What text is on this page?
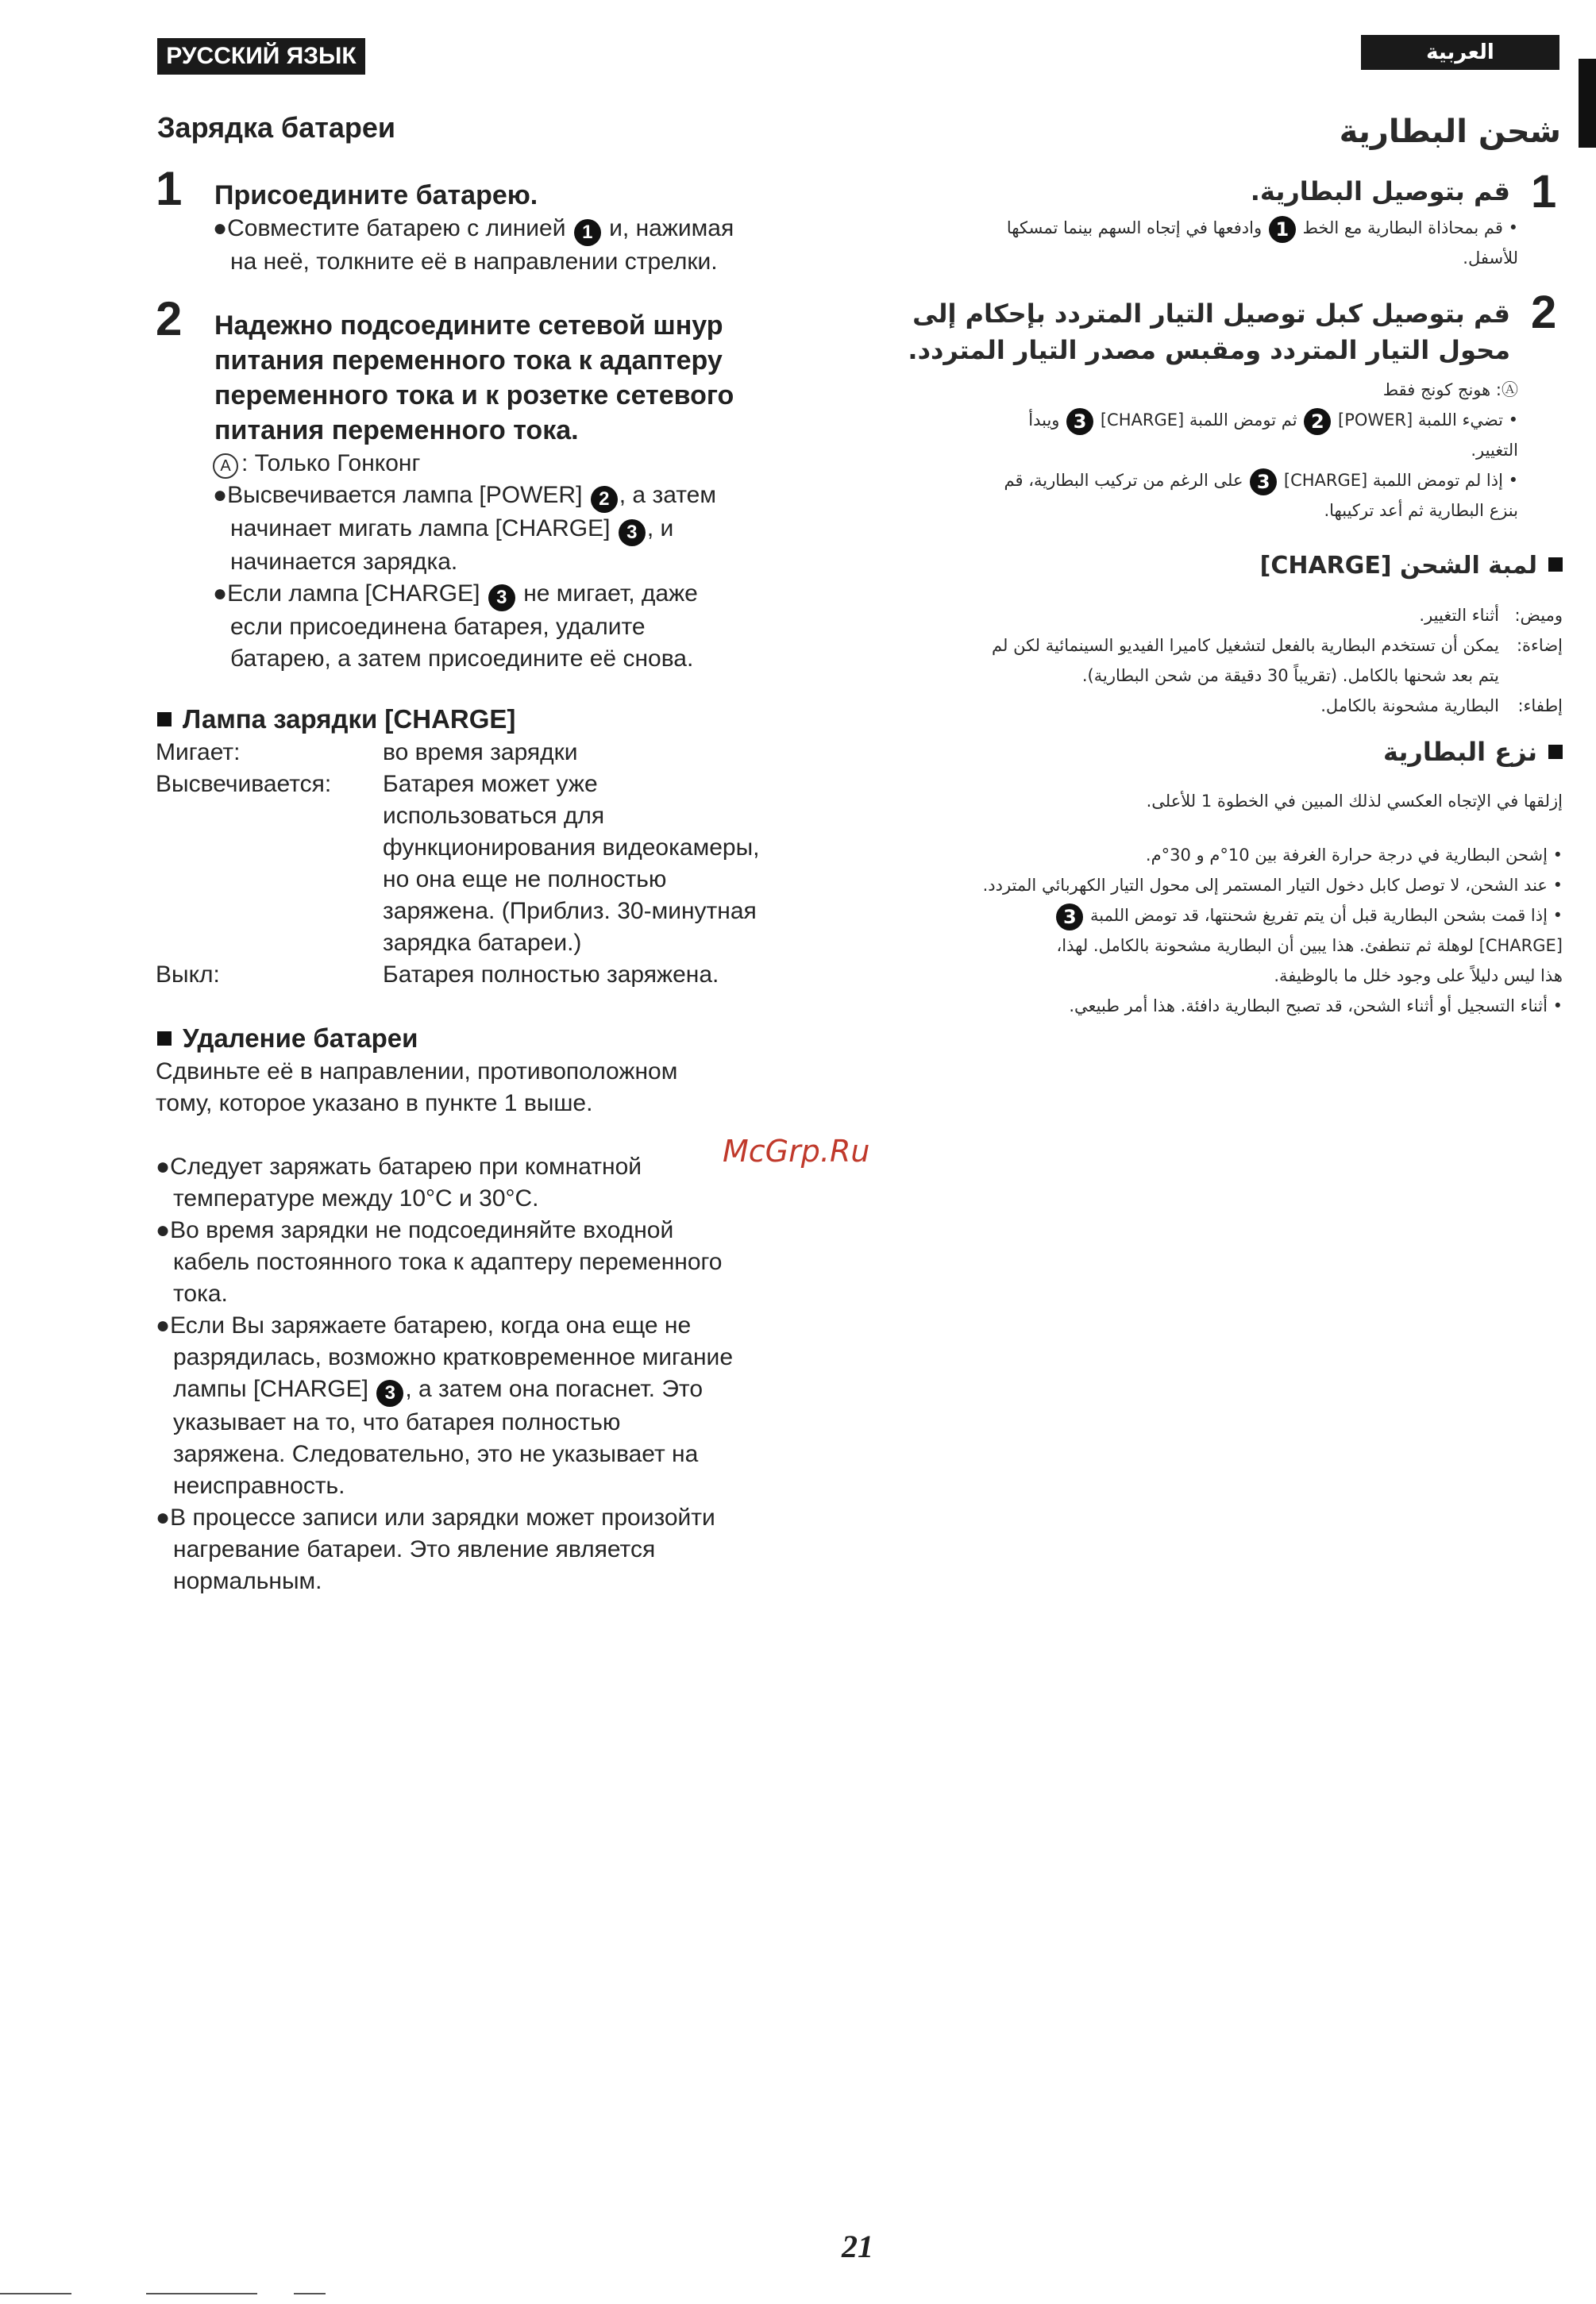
РУССКИЙ ЯЗЫК	العربية
Зарядка батареи
1 Присоедините батарею.
●Совместите батарею с линией 1 и, нажимая
на неё, толкните её в направлении стрелки.
2 Надежно подсоедините сетевой шнур
питания переменного тока к адаптеру
переменного тока и к розетке сетевого
питания переменного тока.
A : Только Гонконг
●Высвечивается лампа [POWER] 2 , а затем
начинает мигать лампа [CHARGE] 3 , и
начинается зарядка.
●Если лампа [CHARGE] 3 не мигает, даже
если присоединена батарея, удалите
батарею, а затем присоедините её снова.
Лампа зарядки [CHARGE]
Мигает:	во время зарядки
Высвечивается:	Батарея может уже
использоваться для
функционирования видеокамеры,
но она еще не полностью
заряжена. (Приблиз. 30-минутная
зарядка батареи.)
Выкл:	Батарея полностью заряжена.
Удаление батареи
Сдвиньте её в направлении, противоположном
тому, которое указано в пункте 1 выше.
●Следует заряжать батарею при комнатной
температуре между 10°C и 30°C.
●Во время зарядки не подсоединяйте входной
кабель постоянного тока к адаптеру переменного
тока.
●Если Вы заряжаете батарею, когда она еще не
разрядилась, возможно кратковременное мигание
лампы [CHARGE] 3 , а затем она погаснет. Это
указывает на то, что батарея полностью
заряжена. Следовательно, это не указывает на
неисправность.
●В процессе записи или зарядки может произойти
нагревание батареи. Это явление является
нормальным.
McGrp.Ru
شحن البطارية
1
قم بتوصيل البطارية.
• قم بمحاذاة البطارية مع الخط 1 وادفعها في إتجاه السهم بينما تمسكها
للأسفل.
2
قم بتوصيل كبل توصيل التيار المتردد بإحكام إلى
محول التيار المتردد ومقبس مصدر التيار المتردد.
Ⓐ: هونج كونج فقط
• تضيء اللمبة [POWER] 2 ثم تومض اللمبة [CHARGE] 3 ويبدأ
التغيير.
• إذا لم تومض اللمبة [CHARGE] 3 على الرغم من تركيب البطارية، قم
بنزع البطارية ثم أعد تركيبها.
لمبة الشحن [CHARGE]
وميض:
أثناء التغيير.
إضاءة:
يمكن أن تستخدم البطارية بالفعل لتشغيل كاميرا الفيديو السينمائية لكن لم
يتم بعد شحنها بالكامل. (تقريباً 30 دقيقة من شحن البطارية).
إطفاء:
البطارية مشحونة بالكامل.
نزع البطارية
إزلقها في الإتجاه العكسي لذلك المبين في الخطوة 1 للأعلى.
• إشحن البطارية في درجة حرارة الغرفة بين 10°م و 30°م.
• عند الشحن، لا توصل كابل دخول التيار المستمر إلى محول التيار الكهربائي المتردد.
• إذا قمت بشحن البطارية قبل أن يتم تفريغ شحنتها، قد تومض اللمبة 3
[CHARGE] لوهلة ثم تنطفئ. هذا يبين أن البطارية مشحونة بالكامل. لهذا،
هذا ليس دليلاً على وجود خلل ما بالوظيفة.
• أثناء التسجيل أو أثناء الشحن، قد تصبح البطارية دافئة. هذا أمر طبيعي.
21
